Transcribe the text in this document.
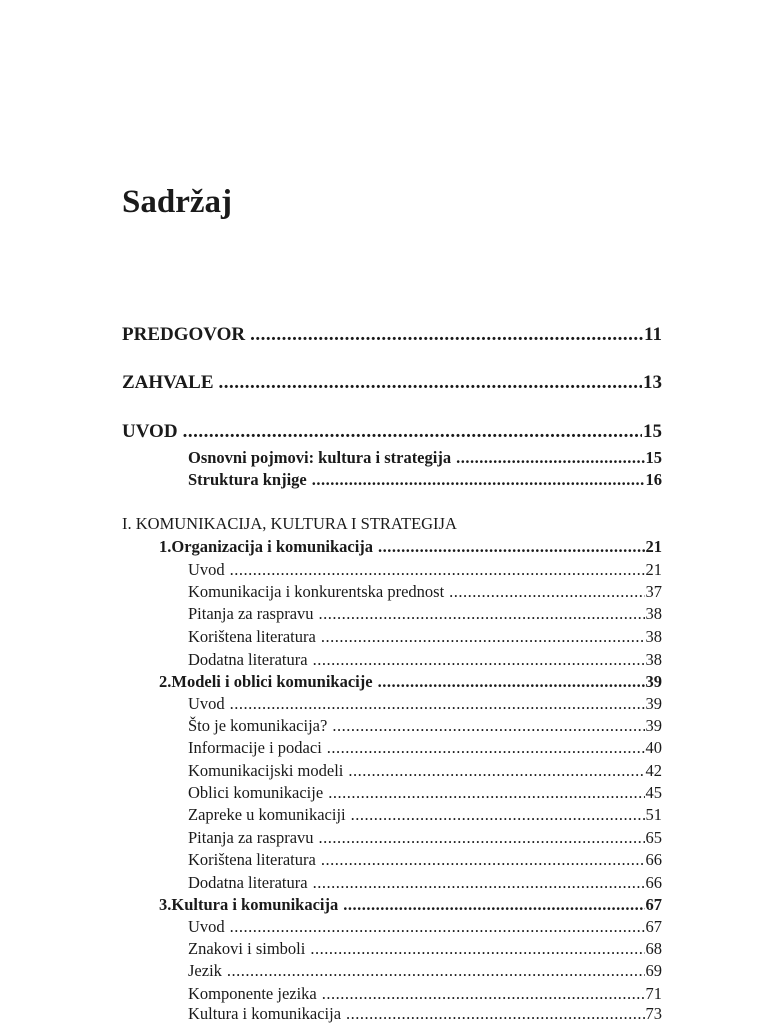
Sadržaj
PREDGOVOR .....	11
ZAHVALE .....	13
UVOD .....	15
Osnovni pojmovi: kultura i strategija .....	15
Struktura knjige .....	16
I. KOMUNIKACIJA, KULTURA I STRATEGIJA
1. Organizacija i komunikacija .....	21
Uvod .....	21
Komunikacija i konkurentska prednost .....	37
Pitanja za raspravu .....	38
Korištena literatura .....	38
Dodatna literatura .....	38
2. Modeli i oblici komunikacije .....	39
Uvod .....	39
Što je komunikacija? .....	39
Informacije i podaci .....	40
Komunikacijski modeli .....	42
Oblici komunikacije .....	45
Zapreke u komunikaciji .....	51
Pitanja za raspravu .....	65
Korištena literatura .....	66
Dodatna literatura .....	66
3. Kultura i komunikacija .....	67
Uvod .....	67
Znakovi i simboli .....	68
Jezik .....	69
Komponente jezika .....	71
Kultura i komunikacija .....	73
